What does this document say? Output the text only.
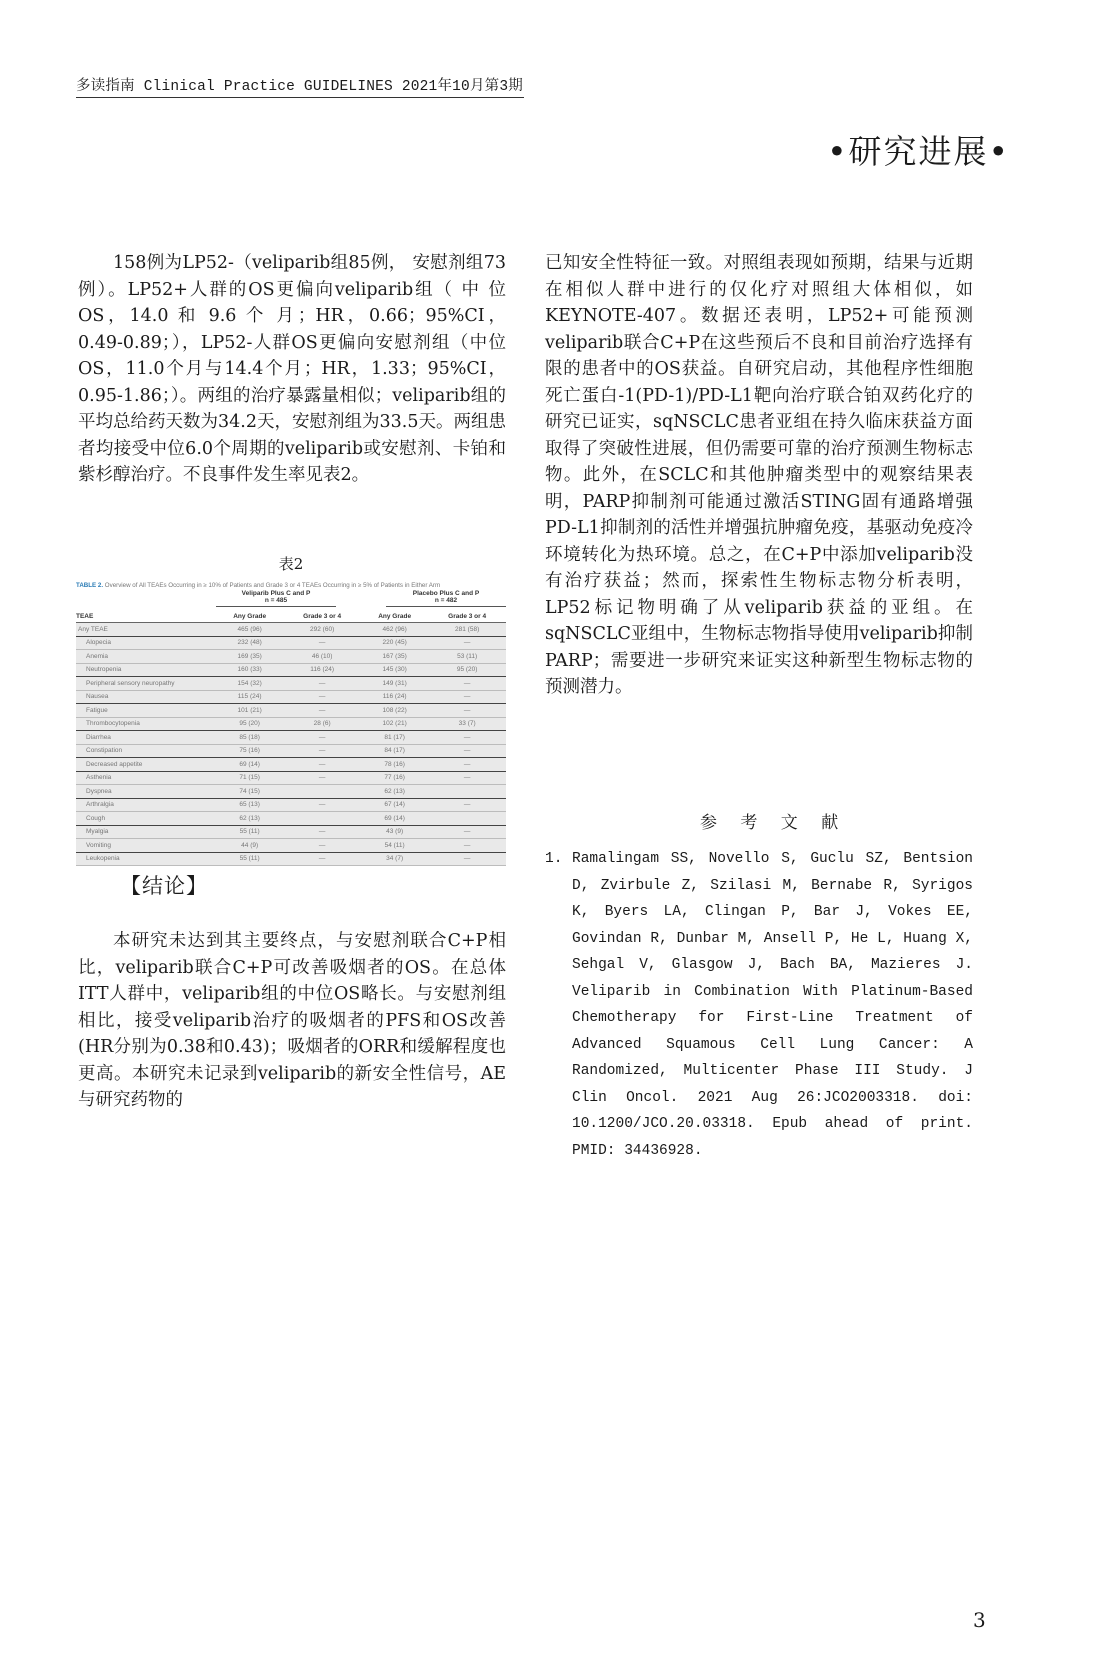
多读指南 Clinical Practice GUIDELINES 2021年10月第3期
•研究进展•

158例为LP52-（veliparib组85例， 安慰剂组73例）。LP52+人群的OS更偏向veliparib组（ 中 位 OS，14.0 和 9.6 个 月；HR，0.66；95%CI， 0.49-0.89；），LP52-人群OS更偏向安慰剂组（中位OS，11.0个月与14.4个月；HR，1.33；95%CI， 0.95-1.86；）。两组的治疗暴露量相似；veliparib组的平均总给药天数为34.2天，安慰剂组为33.5天。两组患者均接受中位6.0个周期的veliparib或安慰剂、卡铂和紫杉醇治疗。不良事件发生率见表2。

表2
TABLE 2. Overview of All TEAEs Occurring in ≥ 10% of Patients and Grade 3 or 4 TEAEs Occurring in ≥ 5% of Patients in Either Arm
Veliparib Plus C and P
n = 485
Placebo Plus C and P
n = 482
TEAE	Any Grade	Grade 3 or 4	Any Grade	Grade 3 or 4
Any TEAE	465 (96)	292 (60)	462 (96)	281 (58)
Alopecia	232 (48)	—	220 (45)	—
Anemia	169 (35)	46 (10)	167 (35)	53 (11)
Neutropenia	160 (33)	116 (24)	145 (30)	95 (20)
Peripheral sensory neuropathy	154 (32)	—	149 (31)	—
Nausea	115 (24)	—	116 (24)	—
Fatigue	101 (21)	—	108 (22)	—
Thrombocytopenia	95 (20)	28 (6)	102 (21)	33 (7)
Diarrhea	85 (18)	—	81 (17)	—
Constipation	75 (16)	—	84 (17)	—
Decreased appetite	69 (14)	—	78 (16)	—
Asthenia	71 (15)	—	77 (16)	—
Dyspnea	74 (15)		62 (13)	
Arthralgia	65 (13)	—	67 (14)	—
Cough	62 (13)		69 (14)	
Myalgia	55 (11)	—	43 (9)	—
Vomiting	44 (9)	—	54 (11)	—
Leukopenia	55 (11)	—	34 (7)	—
【结论】

本研究未达到其主要终点，与安慰剂联合C+P相比，veliparib联合C+P可改善吸烟者的OS。在总体ITT人群中，veliparib组的中位OS略长。与安慰剂组相比，接受veliparib治疗的吸烟者的PFS和OS改善(HR分别为0.38和0.43)；吸烟者的ORR和缓解程度也更高。本研究未记录到veliparib的新安全性信号，AE与研究药物的

已知安全性特征一致。对照组表现如预期，结果与近期在相似人群中进行的仅化疗对照组大体相似，如KEYNOTE-407。数据还表明，LP52+可能预测veliparib联合C+P在这些预后不良和目前治疗选择有限的患者中的OS获益。自研究启动，其他程序性细胞死亡蛋白-1(PD-1)/PD-L1靶向治疗联合铂双药化疗的研究已证实，sqNSCLC患者亚组在持久临床获益方面取得了突破性进展，但仍需要可靠的治疗预测生物标志物。此外，在SCLC和其他肿瘤类型中的观察结果表明，PARP抑制剂可能通过激活STING固有通路增强PD-L1抑制剂的活性并增强抗肿瘤免疫，基驱动免疫冷环境转化为热环境。总之，在C+P中添加veliparib没有治疗获益；然而，探索性生物标志物分析表明，LP52标记物明确了从veliparib获益的亚组。在sqNSCLC亚组中，生物标志物指导使用veliparib抑制PARP；需要进一步研究来证实这种新型生物标志物的预测潜力。

参 考 文 献
1. Ramalingam SS, Novello S, Guclu SZ, Bentsion D, Zvirbule Z, Szilasi M, Bernabe R, Syrigos K, Byers LA, Clingan P, Bar J, Vokes EE, Govindan R, Dunbar M, Ansell P, He L, Huang X, Sehgal V, Glasgow J, Bach BA, Mazieres J. Veliparib in Combination With Platinum-Based Chemotherapy for First-Line Treatment of Advanced Squamous Cell Lung Cancer: A Randomized, Multicenter Phase III Study. J Clin Oncol. 2021 Aug 26:JCO2003318. doi: 10.1200/JCO.20.03318. Epub ahead of print. PMID: 34436928.
3
